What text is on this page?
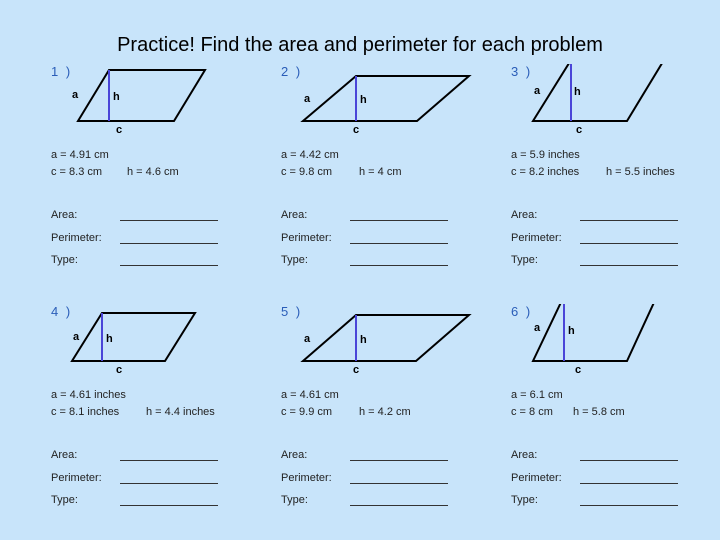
Practice! Find the area and perimeter for each problem
1 )
a	h
c
a = 4.91 cm
c = 8.3 cm h = 4.6 cm
Area:
Perimeter:
Type:
2 )
a	h
c
a = 4.42 cm
c = 9.8 cm h = 4 cm
Area:
Perimeter:
Type:
3 )
a	h
c
a = 5.9 inches
c = 8.2 inches h = 5.5 inches
Area:
Perimeter:
Type:
4 )
a h
c
a = 4.61 inches
c = 8.1 inches h = 4.4 inches
Area:
Perimeter:
Type:
5 )
a	h
c
a = 4.61 cm
c = 9.9 cm h = 4.2 cm
Area:
Perimeter:
Type:
6 )
a	h
c
a = 6.1 cm
c = 8 cm h = 5.8 cm
Area:
Perimeter:
Type:
